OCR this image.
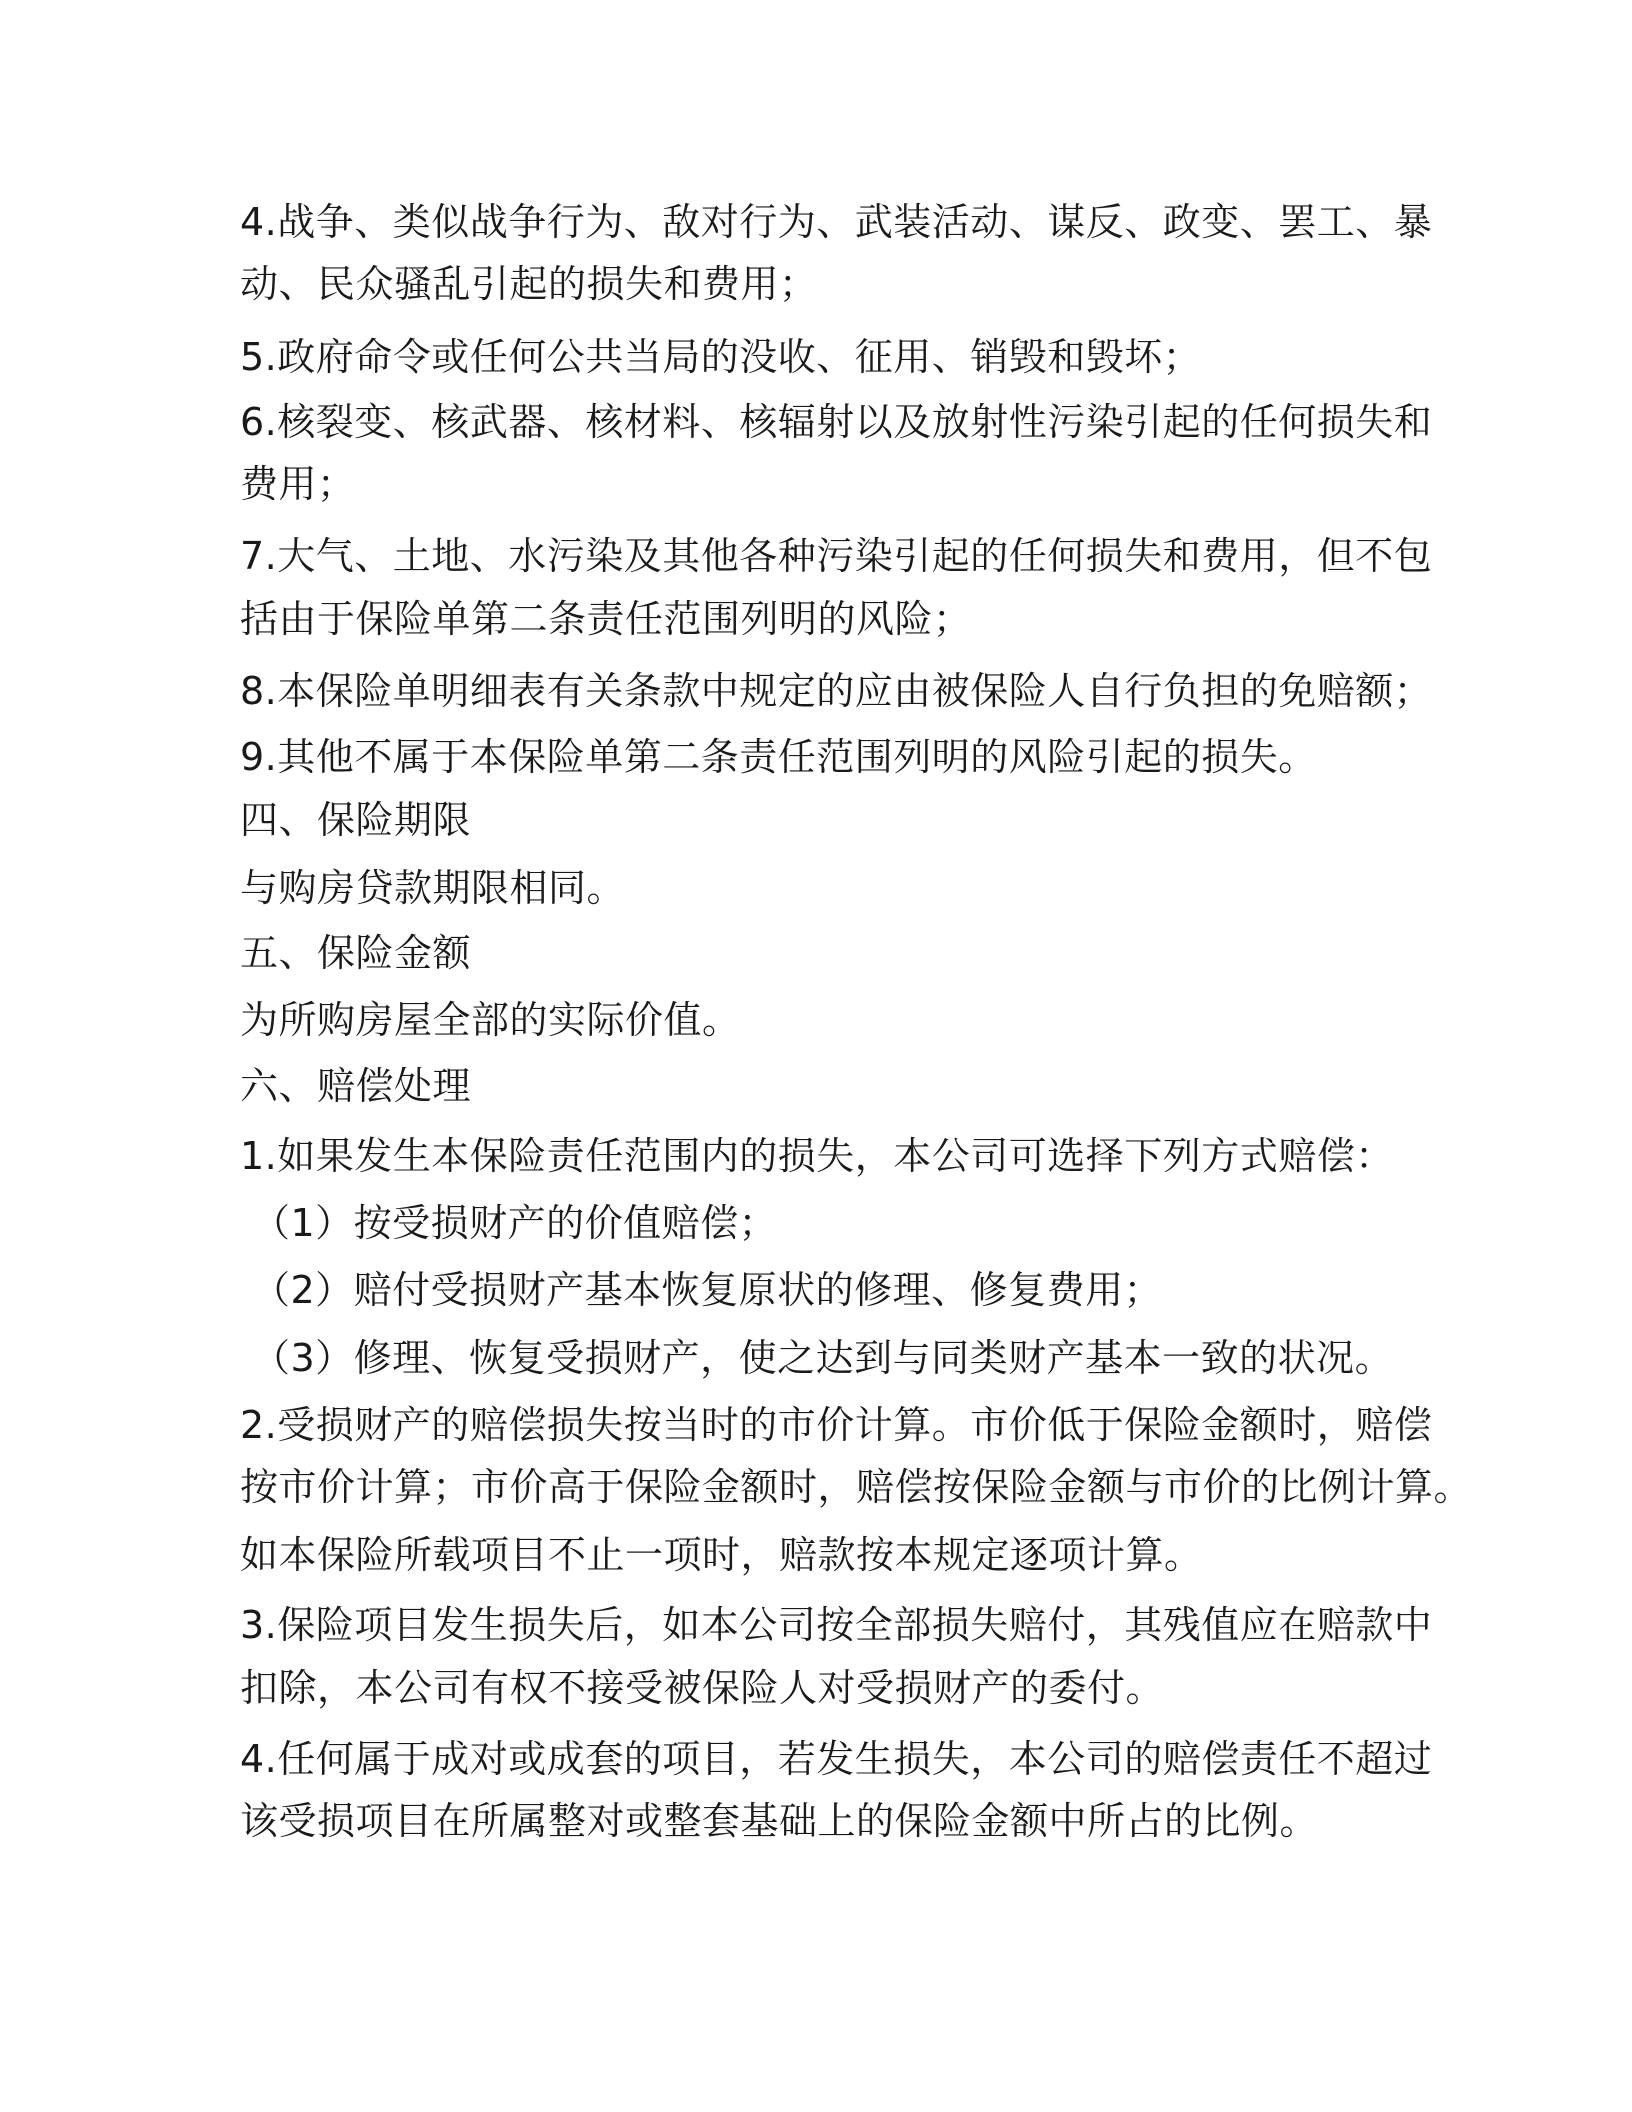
4.战争、类似战争行为、敌对行为、武装活动、谋反、政变、罢工、暴
动、民众骚乱引起的损失和费用；
5.政府命令或任何公共当局的没收、征用、销毁和毁坏；
6.核裂变、核武器、核材料、核辐射以及放射性污染引起的任何损失和
费用；
7.大气、土地、水污染及其他各种污染引起的任何损失和费用，但不包
括由于保险单第二条责任范围列明的风险；
8.本保险单明细表有关条款中规定的应由被保险人自行负担的免赔额；
9.其他不属于本保险单第二条责任范围列明的风险引起的损失。
四、保险期限
与购房贷款期限相同。
五、保险金额
为所购房屋全部的实际价值。
六、赔偿处理
1.如果发生本保险责任范围内的损失，本公司可选择下列方式赔偿：
（1）按受损财产的价值赔偿；
（2）赔付受损财产基本恢复原状的修理、修复费用；
（3）修理、恢复受损财产，使之达到与同类财产基本一致的状况。
2.受损财产的赔偿损失按当时的市价计算。市价低于保险金额时，赔偿
按市价计算；市价高于保险金额时，赔偿按保险金额与市价的比例计算。
如本保险所载项目不止一项时，赔款按本规定逐项计算。
3.保险项目发生损失后，如本公司按全部损失赔付，其残值应在赔款中
扣除，本公司有权不接受被保险人对受损财产的委付。
4.任何属于成对或成套的项目，若发生损失，本公司的赔偿责任不超过
该受损项目在所属整对或整套基础上的保险金额中所占的比例。
